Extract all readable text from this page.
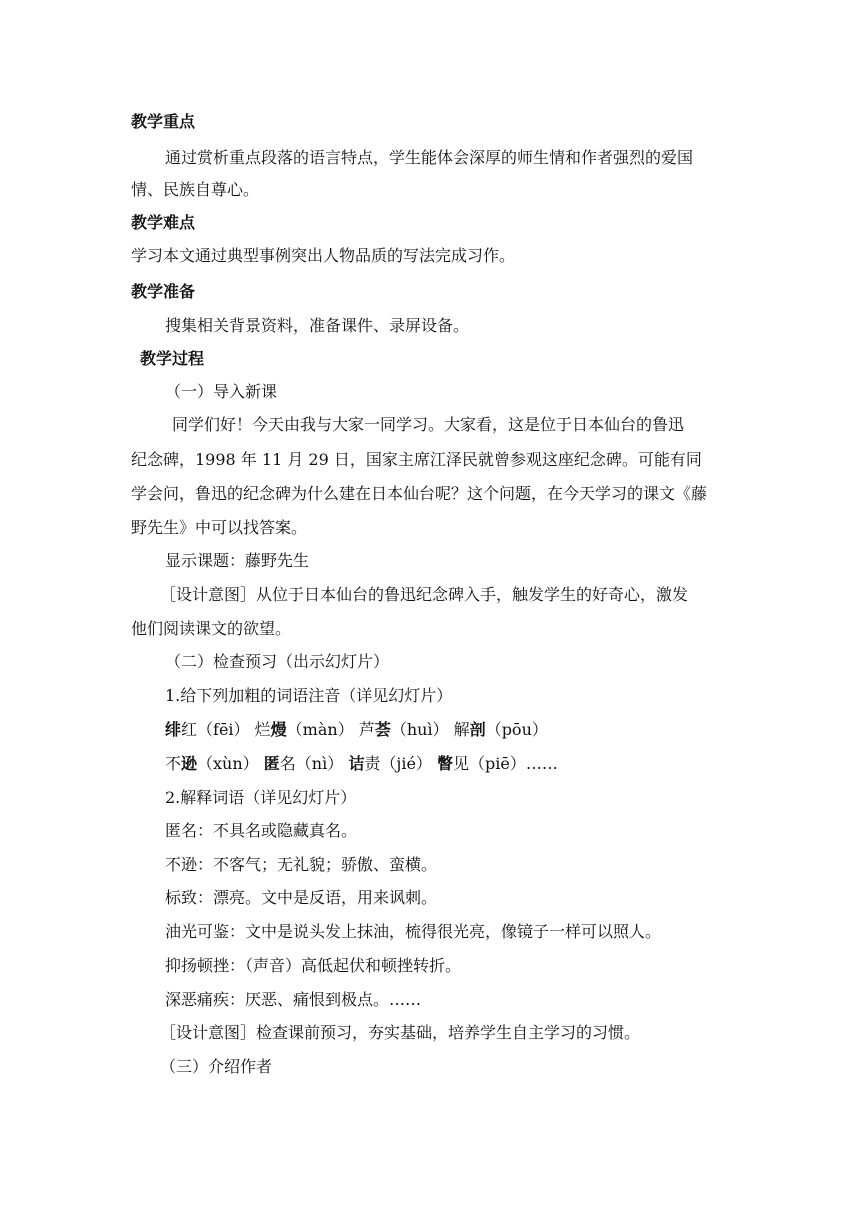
教学重点
通过赏析重点段落的语言特点，学生能体会深厚的师生情和作者强烈的爱国
情、民族自尊心。
教学难点
学习本文通过典型事例突出人物品质的写法完成习作。
教学准备
搜集相关背景资料，准备课件、录屏设备。
教学过程
（一）导入新课
同学们好！今天由我与大家一同学习。大家看，这是位于日本仙台的鲁迅
纪念碑，1998 年 11 月 29 日，国家主席江泽民就曾参观这座纪念碑。可能有同
学会问，鲁迅的纪念碑为什么建在日本仙台呢？这个问题，在今天学习的课文《藤
野先生》中可以找答案。
显示课题：藤野先生
［设计意图］从位于日本仙台的鲁迅纪念碑入手，触发学生的好奇心，激发
他们阅读课文的欲望。
（二）检查预习（出示幻灯片）
1.给下列加粗的词语注音（详见幻灯片）
绯红（fēi） 烂熳（màn） 芦荟（huì） 解剖（pōu）
不逊（xùn） 匿名（nì） 诘责（jié） 瞥见（piē）……
2.解释词语（详见幻灯片）
匿名：不具名或隐藏真名。
不逊：不客气；无礼貌；骄傲、蛮横。
标致：漂亮。文中是反语，用来讽刺。
油光可鉴：文中是说头发上抹油，梳得很光亮，像镜子一样可以照人。
抑扬顿挫：（声音）高低起伏和顿挫转折。
深恶痛疾：厌恶、痛恨到极点。……
［设计意图］检查课前预习，夯实基础，培养学生自主学习的习惯。
（三）介绍作者
